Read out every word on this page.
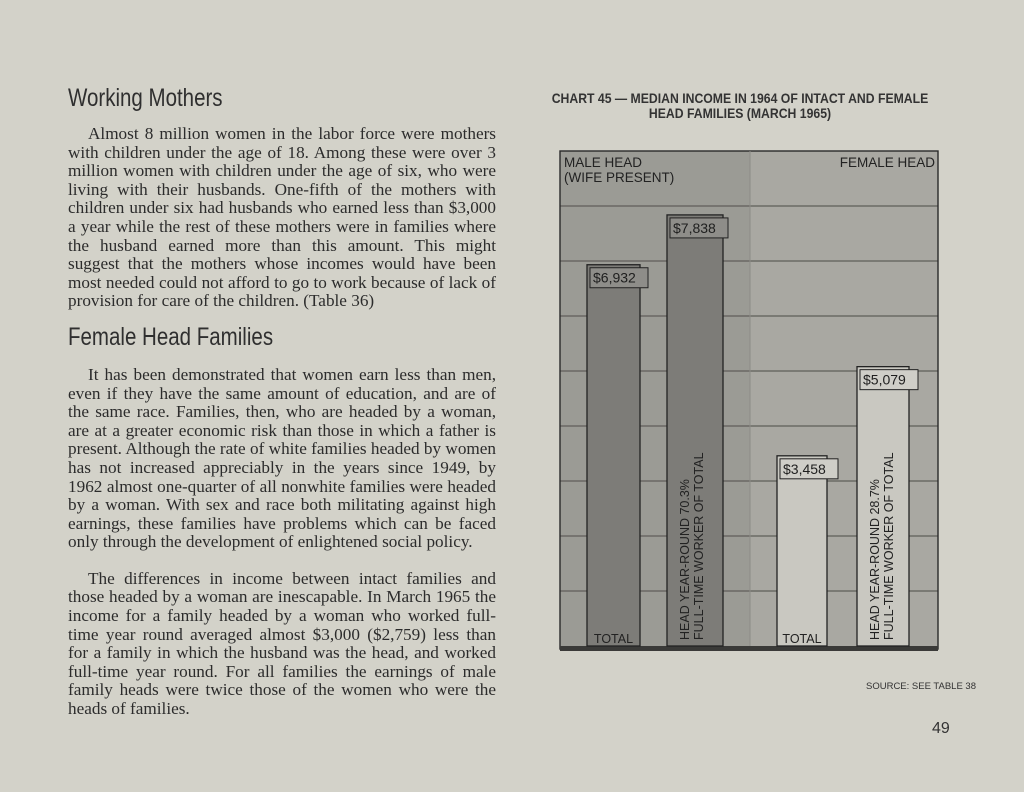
Working Mothers

Almost 8 million women in the labor force were mothers with children under the age of 18. Among these were over 3 million women with children under the age of six, who were living with their husbands. One-fifth of the mothers with children under six had husbands who earned less than $3,000 a year while the rest of these mothers were in families where the husband earned more than this amount. This might suggest that the mothers whose incomes would have been most needed could not afford to go to work because of lack of provision for care of the children. (Table 36)

Female Head Families

It has been demonstrated that women earn less than men, even if they have the same amount of education, and are of the same race. Families, then, who are headed by a woman, are at a greater economic risk than those in which a father is present. Although the rate of white families headed by women has not increased appreciably in the years since 1949, by 1962 almost one-quarter of all nonwhite families were headed by a woman. With sex and race both militating against high earnings, these families have problems which can be faced only through the development of enlightened social policy.

The differences in income between intact families and those headed by a woman are inescapable. In March 1965 the income for a family headed by a woman who worked full-time year round averaged almost $3,000 ($2,759) less than for a family in which the husband was the head, and worked full-time year round. For all families the earnings of male family heads were twice those of the women who were the heads of families.

CHART 45 — MEDIAN INCOME IN 1964 OF INTACT AND FEMALE HEAD FAMILIES (MARCH 1965)
MALE HEAD
(WIFE PRESENT)
FEMALE HEAD
$6,932
TOTAL
$7,838
HEAD YEAR-ROUND 70.3% FULL-TIME WORKER OF TOTAL	$3,458
TOTAL
$5,079
HEAD YEAR-ROUND 28.7% FULL-TIME WORKER OF TOTAL
SOURCE: SEE TABLE 38
49
